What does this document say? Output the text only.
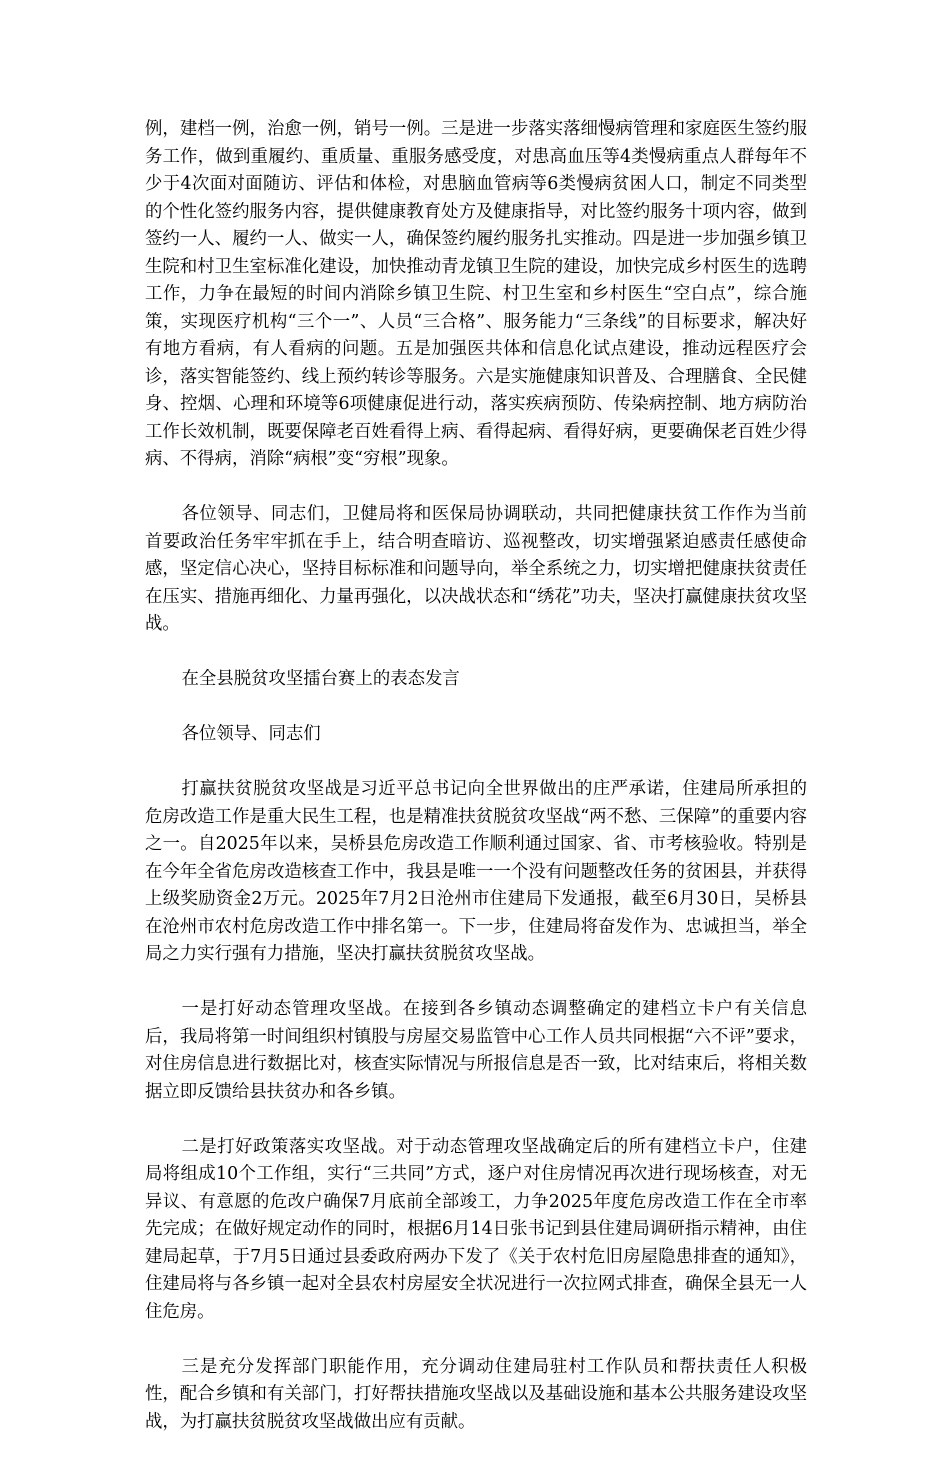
例，建档一例，治愈一例，销号一例。三是进一步落实落细慢病管理和家庭医生签约服务工作，做到重履约、重质量、重服务感受度，对患高血压等4类慢病重点人群每年不少于4次面对面随访、评估和体检，对患脑血管病等6类慢病贫困人口，制定不同类型的个性化签约服务内容，提供健康教育处方及健康指导，对比签约服务十项内容，做到签约一人、履约一人、做实一人，确保签约履约服务扎实推动。四是进一步加强乡镇卫生院和村卫生室标准化建设，加快推动青龙镇卫生院的建设，加快完成乡村医生的选聘工作，力争在最短的时间内消除乡镇卫生院、村卫生室和乡村医生“空白点”，综合施策，实现医疗机构“三个一”、人员“三合格”、服务能力“三条线”的目标要求，解决好有地方看病，有人看病的问题。五是加强医共体和信息化试点建设，推动远程医疗会诊，落实智能签约、线上预约转诊等服务。六是实施健康知识普及、合理膳食、全民健身、控烟、心理和环境等6项健康促进行动，落实疾病预防、传染病控制、地方病防治工作长效机制，既要保障老百姓看得上病、看得起病、看得好病，更要确保老百姓少得病、不得病，消除“病根”变“穷根”现象。

各位领导、同志们，卫健局将和医保局协调联动，共同把健康扶贫工作作为当前首要政治任务牢牢抓在手上，结合明查暗访、巡视整改，切实增强紧迫感责任感使命感，坚定信心决心，坚持目标标准和问题导向，举全系统之力，切实增把健康扶贫责任在压实、措施再细化、力量再强化，以决战状态和“绣花”功夫，坚决打赢健康扶贫攻坚战。

在全县脱贫攻坚擂台赛上的表态发言

各位领导、同志们

打赢扶贫脱贫攻坚战是习近平总书记向全世界做出的庄严承诺，住建局所承担的危房改造工作是重大民生工程，也是精准扶贫脱贫攻坚战“两不愁、三保障”的重要内容之一。自2025年以来，吴桥县危房改造工作顺利通过国家、省、市考核验收。特别是在今年全省危房改造核查工作中，我县是唯一一个没有问题整改任务的贫困县，并获得上级奖励资金2万元。2025年7月2日沧州市住建局下发通报，截至6月30日，吴桥县在沧州市农村危房改造工作中排名第一。下一步，住建局将奋发作为、忠诚担当，举全局之力实行强有力措施，坚决打赢扶贫脱贫攻坚战。

一是打好动态管理攻坚战。在接到各乡镇动态调整确定的建档立卡户有关信息后，我局将第一时间组织村镇股与房屋交易监管中心工作人员共同根据“六不评”要求，对住房信息进行数据比对，核查实际情况与所报信息是否一致，比对结束后，将相关数据立即反馈给县扶贫办和各乡镇。

二是打好政策落实攻坚战。对于动态管理攻坚战确定后的所有建档立卡户，住建局将组成10个工作组，实行“三共同”方式，逐户对住房情况再次进行现场核查，对无异议、有意愿的危改户确保7月底前全部竣工，力争2025年度危房改造工作在全市率先完成；在做好规定动作的同时，根据6月14日张书记到县住建局调研指示精神，由住建局起草，于7月5日通过县委政府两办下发了《关于农村危旧房屋隐患排查的通知》，住建局将与各乡镇一起对全县农村房屋安全状况进行一次拉网式排查，确保全县无一人住危房。

三是充分发挥部门职能作用，充分调动住建局驻村工作队员和帮扶责任人积极性，配合乡镇和有关部门，打好帮扶措施攻坚战以及基础设施和基本公共服务建设攻坚战，为打赢扶贫脱贫攻坚战做出应有贡献。
